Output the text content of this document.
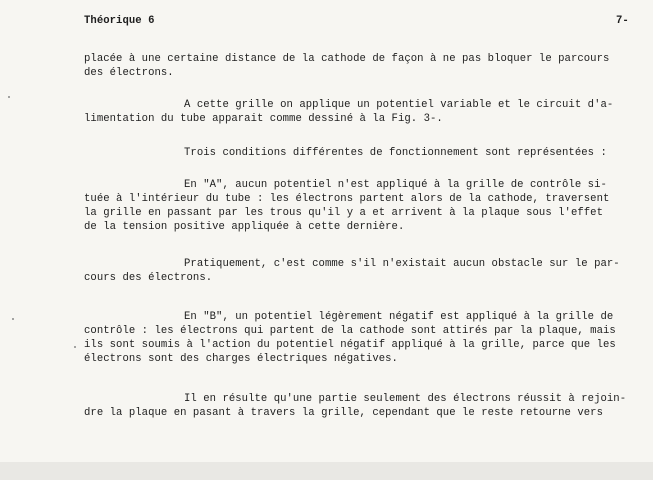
Théorique 6	7-
placée à une certaine distance de la cathode de façon à ne pas bloquer le parcours
des électrons.
A cette grille on applique un potentiel variable et le circuit d'a-
limentation du tube apparait comme dessiné à la Fig. 3-.
Trois conditions différentes de fonctionnement sont représentées :
En "A", aucun potentiel n'est appliqué à la grille de contrôle si-
tuée à l'intérieur du tube : les électrons partent alors de la cathode, traversent
la grille en passant par les trous qu'il y a et arrivent à la plaque sous l'effet
de la tension positive appliquée à cette dernière.
Pratiquement, c'est comme s'il n'existait aucun obstacle sur le par-
cours des électrons.
En "B", un potentiel légèrement négatif est appliqué à la grille de
contrôle : les électrons qui partent de la cathode sont attirés par la plaque, mais
ils sont soumis à l'action du potentiel négatif appliqué à la grille, parce que les
électrons sont des charges électriques négatives.
Il en résulte qu'une partie seulement des électrons réussit à rejoin-
dre la plaque en pasant à travers la grille, cependant que le reste retourne vers
